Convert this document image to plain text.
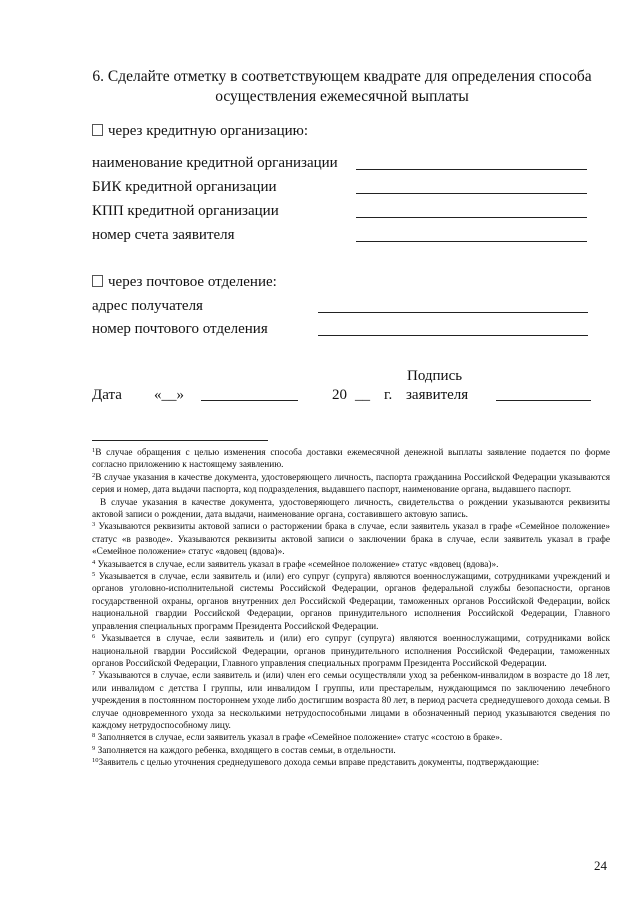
6. Сделайте отметку в соответствующем квадрате для определения способа
осуществления ежемесячной выплаты
через кредитную организацию:
наименование кредитной организации
БИК кредитной организации
КПП кредитной организации
номер счета заявителя
через почтовое отделение:
адрес получателя
номер почтового отделения
Подпись
Дата «__»	20 __ г. заявителя

$^1$В случае обращения с целью изменения способа доставки ежемесячной денежной выплаты заявление подается по форме согласно приложению к настоящему заявлению.

$^2$В случае указания в качестве документа, удостоверяющего личность, паспорта гражданина Российской Федерации указываются серия и номер, дата выдачи паспорта, код подразделения, выдавшего паспорт, наименование органа, выдавшего паспорт.

В случае указания в качестве документа, удостоверяющего личность, свидетельства о рождении указываются реквизиты актовой записи о рождении, дата выдачи, наименование органа, составившего актовую запись.

$^3$ Указываются реквизиты актовой записи о расторжении брака в случае, если заявитель указал в графе «Семейное положение» статус «в разводе». Указываются реквизиты актовой записи о заключении брака в случае, если заявитель указал в графе «Семейное положение» статус «вдовец (вдова)».

$^4$ Указывается в случае, если заявитель указал в графе «семейное положение» статус «вдовец (вдова)».

$^5$ Указывается в случае, если заявитель и (или) его супруг (супруга) являются военнослужащими, сотрудниками учреждений и органов уголовно-исполнительной системы Российской Федерации, органов федеральной службы безопасности, органов государственной охраны, органов внутренних дел Российской Федерации, таможенных органов Российской Федерации, войск национальной гвардии Российской Федерации, органов принудительного исполнения Российской Федерации, Главного управления специальных программ Президента Российской Федерации.

$^6$ Указывается в случае, если заявитель и (или) его супруг (супруга) являются военнослужащими, сотрудниками войск национальной гвардии Российской Федерации, органов принудительного исполнения Российской Федерации, таможенных органов Российской Федерации, Главного управления специальных программ Президента Российской Федерации.

$^7$ Указываются в случае, если заявитель и (или) член его семьи осуществляли уход за ребенком-инвалидом в возрасте до 18 лет, или инвалидом с детства I группы, или инвалидом I группы, или престарелым, нуждающимся по заключению лечебного учреждения в постоянном постороннем уходе либо достигшим возраста 80 лет, в период расчета среднедушевого дохода семьи. В случае одновременного ухода за несколькими нетрудоспособными лицами в обозначенный период указываются сведения по каждому нетрудоспособному лицу.

$^8$ Заполняется в случае, если заявитель указал в графе «Семейное положение» статус «состою в браке».

$^9$ Заполняется на каждого ребенка, входящего в состав семьи, в отдельности.

$^{10}$Заявитель с целью уточнения среднедушевого дохода семьи вправе представить документы, подтверждающие:

24
